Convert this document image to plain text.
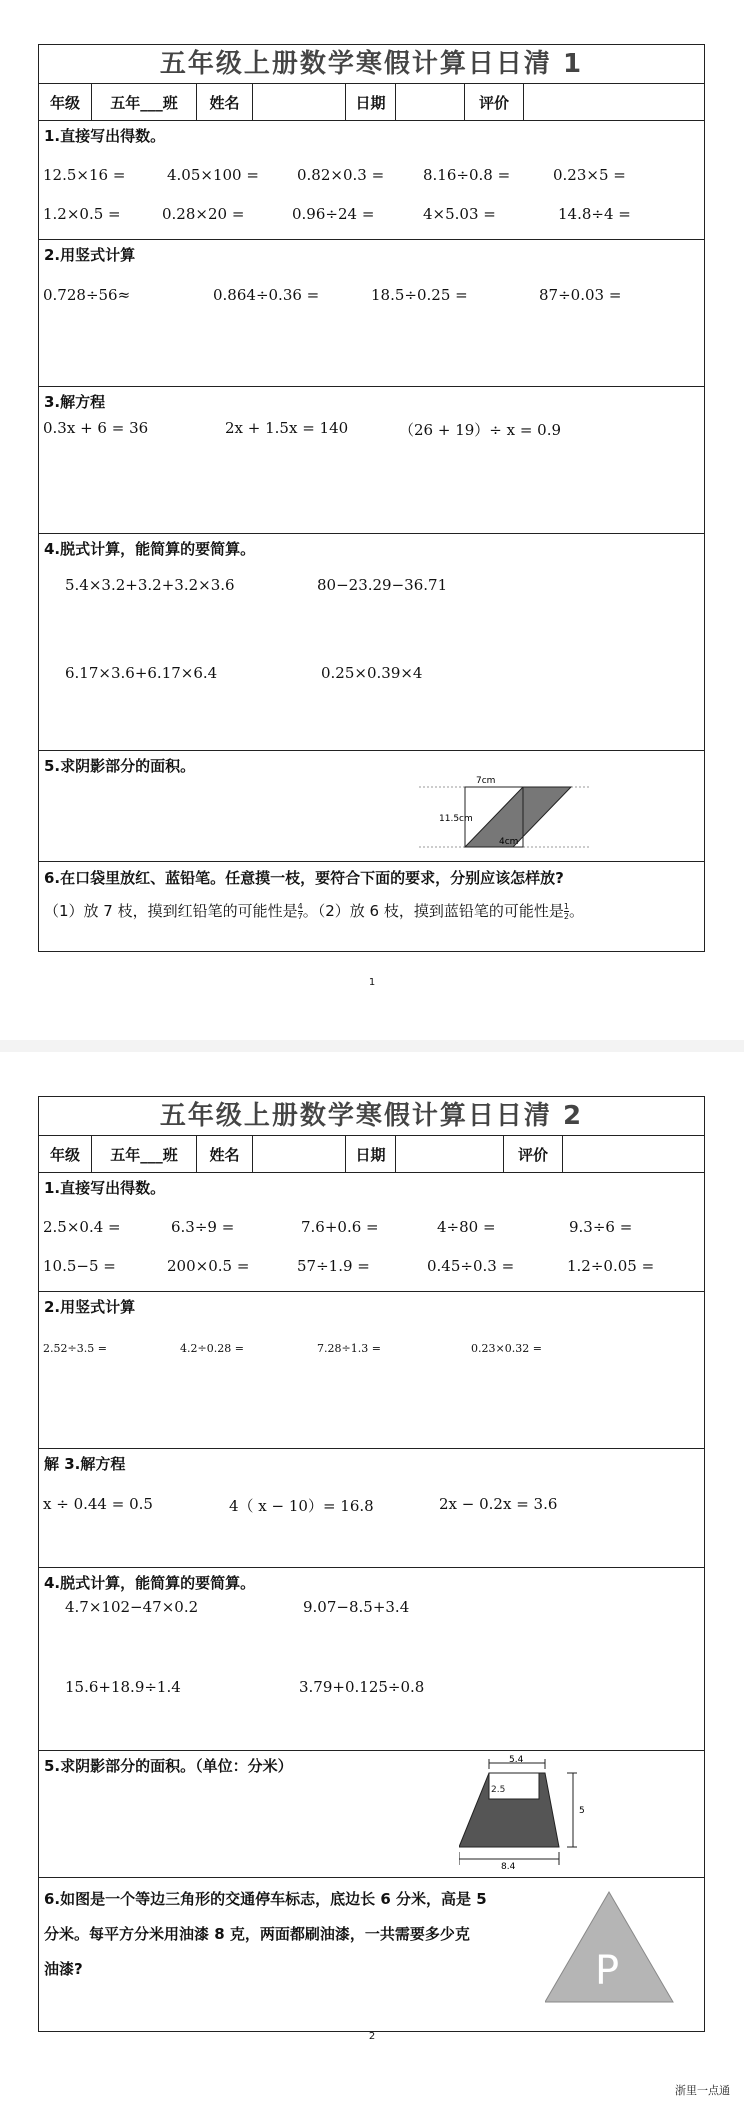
五年级上册数学寒假计算日日清 1
年级	五年___班	姓名	日期	评价
1.直接写出得数。
12.5×16 =	4.05×100 =	0.82×0.3 =	8.16÷0.8 =	0.23×5 =
1.2×0.5 =	0.28×20 =	0.96÷24 =	4×5.03 =	14.8÷4 =
2.用竖式计算
0.728÷56≈	0.864÷0.36 =	18.5÷0.25 =	87÷0.03 =
3.解方程
0.3x + 6 = 36	2x + 1.5x = 140	（26 + 19）÷ x = 0.9
4.脱式计算，能简算的要简算。
5.4×3.2+3.2+3.2×3.6	80−23.29−36.71
6.17×3.6+6.17×6.4	0.25×0.39×4
5.求阴影部分的面积。
7cm
11.5cm
4cm
6.在口袋里放红、蓝铅笔。任意摸一枝，要符合下面的要求，分别应该怎样放?
（1）放 7 枝，摸到红铅笔的可能性是 $\frac{4}{7}$ 。（2）放 6 枝，摸到蓝铅笔的可能性是 $\frac{1}{2}$ 。
1
五年级上册数学寒假计算日日清 2
年级	五年___班	姓名	日期	评价
1.直接写出得数。
2.5×0.4 =	6.3÷9 =	7.6+0.6 =	4÷80 =	9.3÷6 =
10.5−5 =	200×0.5 =	57÷1.9 =	0.45÷0.3 =	1.2÷0.05 =
2.用竖式计算
2.52÷3.5 =	4.2÷0.28 =	7.28÷1.3 =	0.23×0.32 =
解 3.解方程
x ÷ 0.44 = 0.5	4（ x − 10）= 16.8	2x − 0.2x = 3.6
4.脱式计算，能简算的要简算。
4.7×102−47×0.2	9.07−8.5+3.4
15.6+18.9÷1.4	3.79+0.125÷0.8
5.求阴影部分的面积。（单位：分米）	5.4
2.5
5
8.4
6.如图是一个等边三角形的交通停车标志，底边长 6 分米，高是 5
分米。每平方分米用油漆 8 克，两面都刷油漆，一共需要多少克
油漆?	P
2
浙里一点通
